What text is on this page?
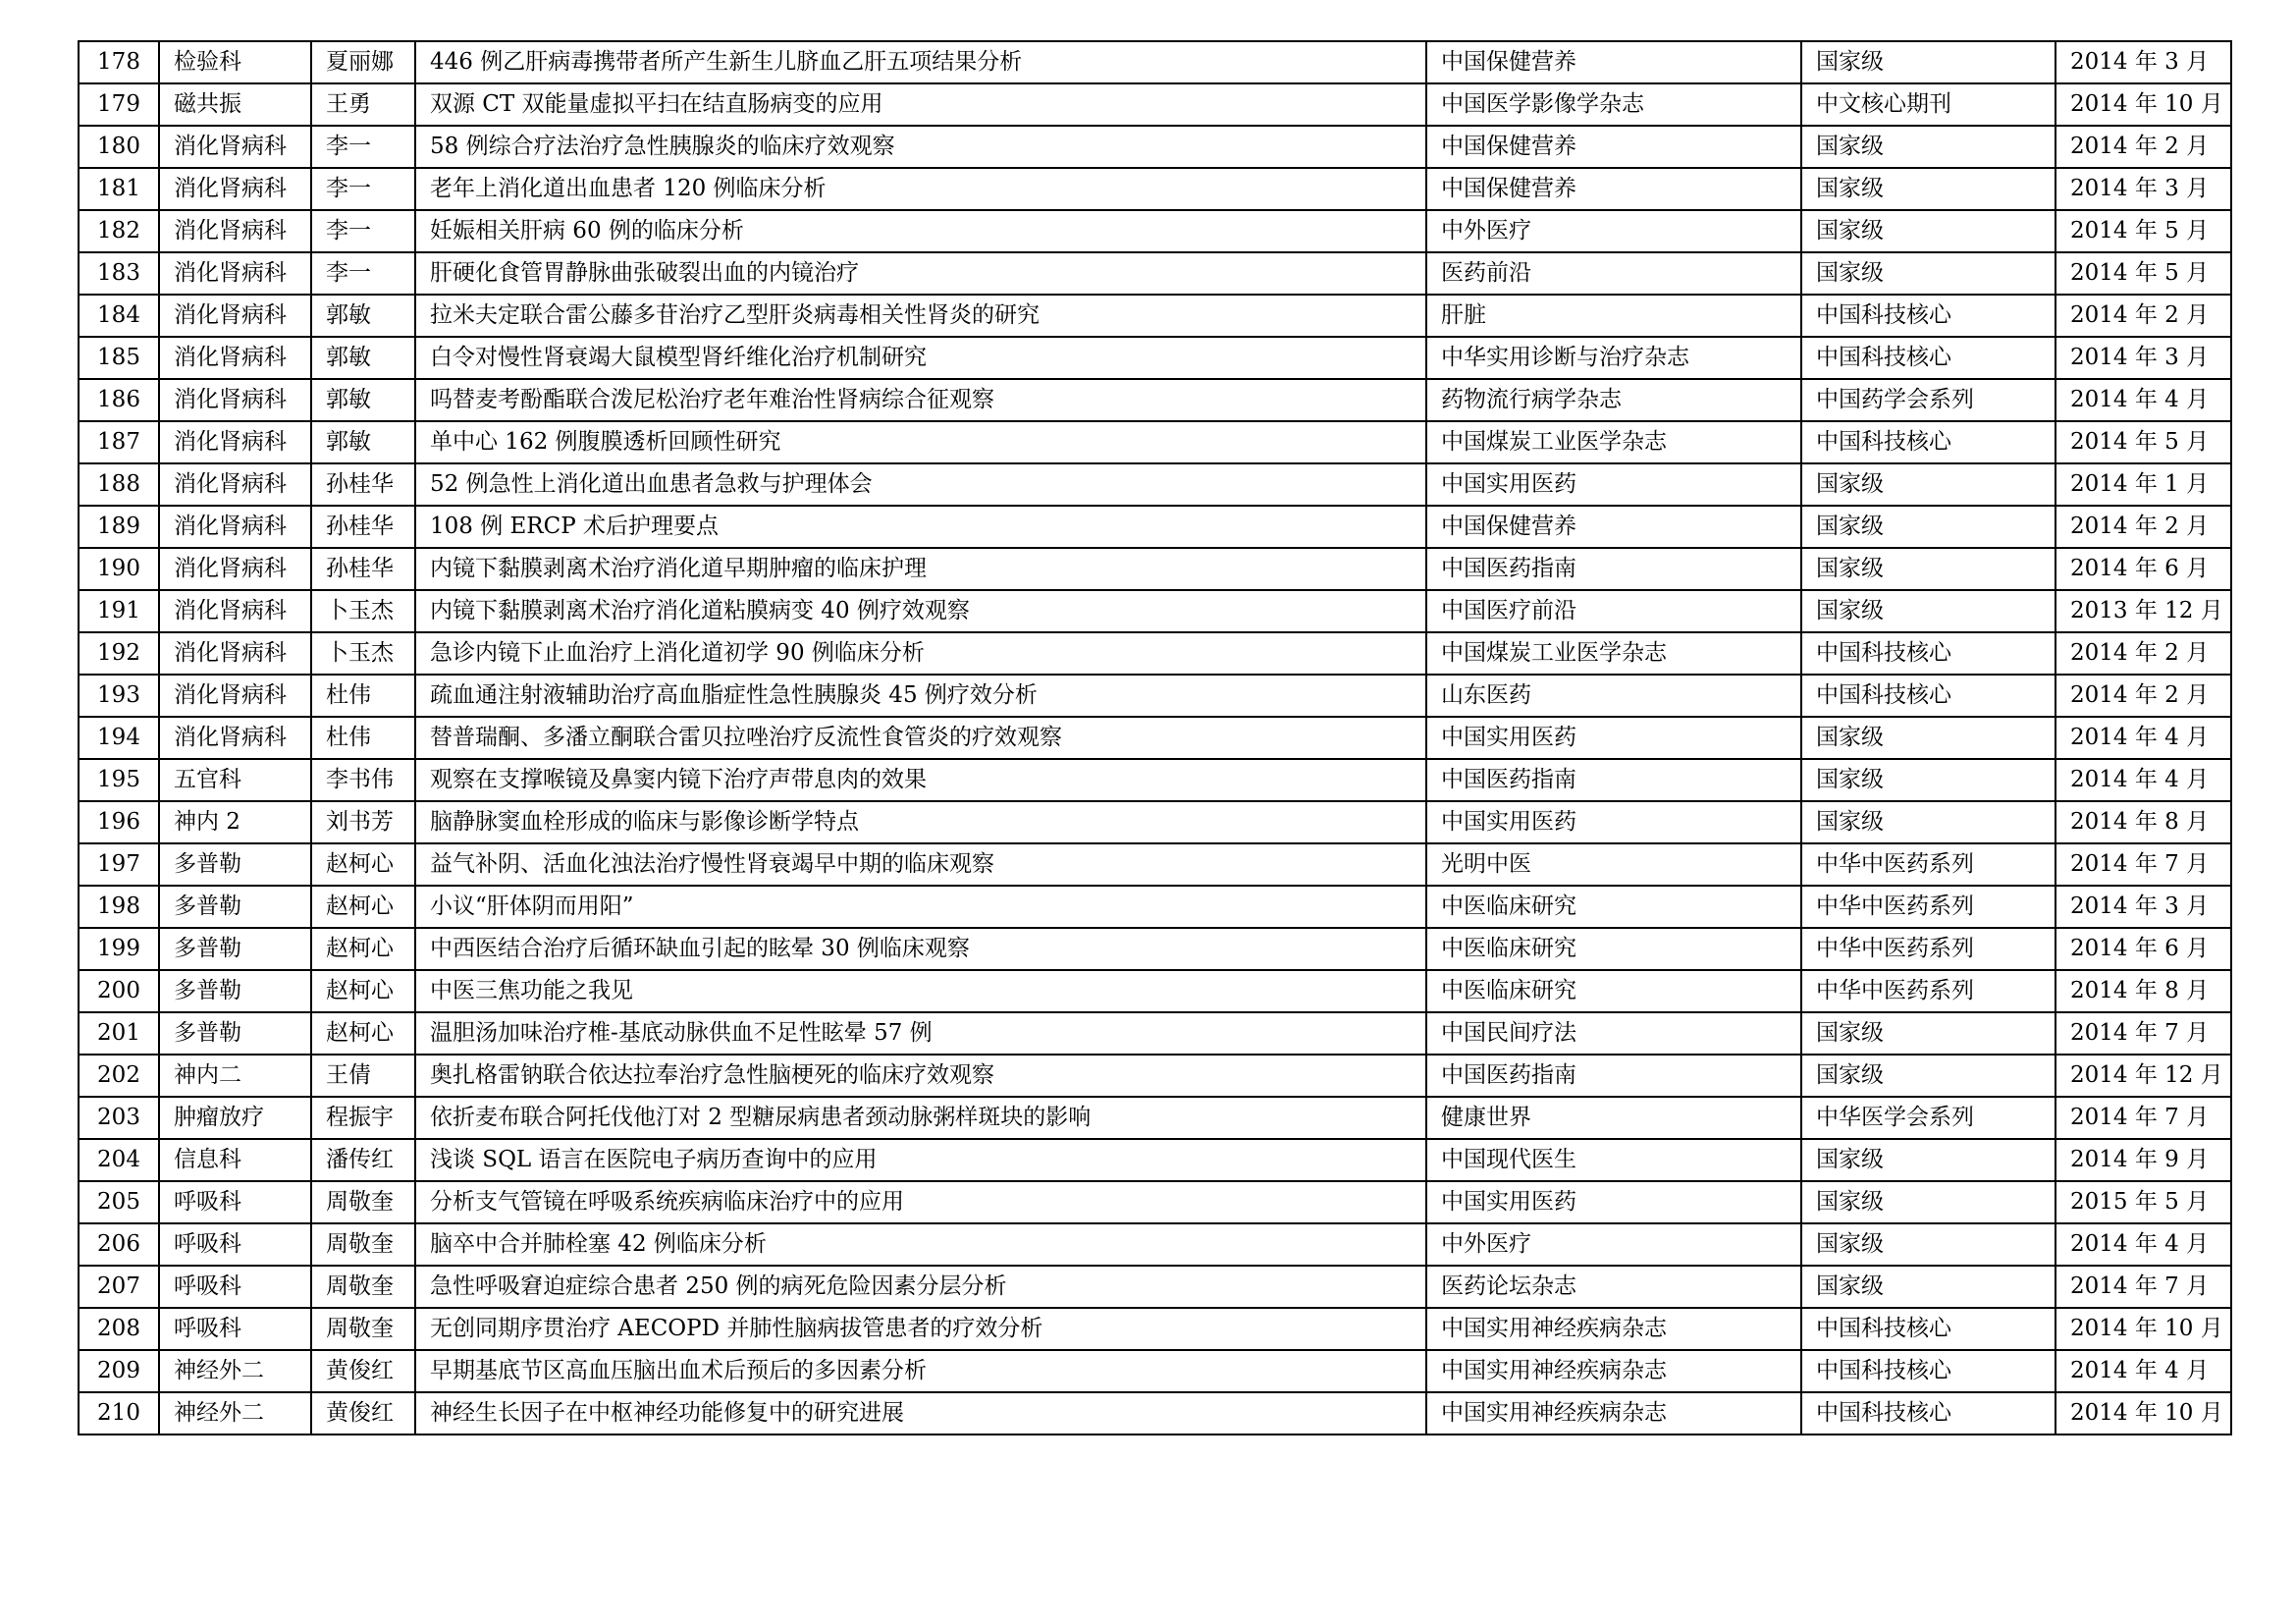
178	检验科	夏丽娜	446 例乙肝病毒携带者所产生新生儿脐血乙肝五项结果分析	中国保健营养	国家级	2014 年 3 月
179	磁共振	王勇	双源 CT 双能量虚拟平扫在结直肠病变的应用	中国医学影像学杂志	中文核心期刊	2014 年 10 月
180	消化肾病科	李一	58 例综合疗法治疗急性胰腺炎的临床疗效观察	中国保健营养	国家级	2014 年 2 月
181	消化肾病科	李一	老年上消化道出血患者 120 例临床分析	中国保健营养	国家级	2014 年 3 月
182	消化肾病科	李一	妊娠相关肝病 60 例的临床分析	中外医疗	国家级	2014 年 5 月
183	消化肾病科	李一	肝硬化食管胃静脉曲张破裂出血的内镜治疗	医药前沿	国家级	2014 年 5 月
184	消化肾病科	郭敏	拉米夫定联合雷公藤多苷治疗乙型肝炎病毒相关性肾炎的研究	肝脏	中国科技核心	2014 年 2 月
185	消化肾病科	郭敏	白令对慢性肾衰竭大鼠模型肾纤维化治疗机制研究	中华实用诊断与治疗杂志	中国科技核心	2014 年 3 月
186	消化肾病科	郭敏	吗替麦考酚酯联合泼尼松治疗老年难治性肾病综合征观察	药物流行病学杂志	中国药学会系列	2014 年 4 月
187	消化肾病科	郭敏	单中心 162 例腹膜透析回顾性研究	中国煤炭工业医学杂志	中国科技核心	2014 年 5 月
188	消化肾病科	孙桂华	52 例急性上消化道出血患者急救与护理体会	中国实用医药	国家级	2014 年 1 月
189	消化肾病科	孙桂华	108 例 ERCP 术后护理要点	中国保健营养	国家级	2014 年 2 月
190	消化肾病科	孙桂华	内镜下黏膜剥离术治疗消化道早期肿瘤的临床护理	中国医药指南	国家级	2014 年 6 月
191	消化肾病科	卜玉杰	内镜下黏膜剥离术治疗消化道粘膜病变 40 例疗效观察	中国医疗前沿	国家级	2013 年 12 月
192	消化肾病科	卜玉杰	急诊内镜下止血治疗上消化道初学 90 例临床分析	中国煤炭工业医学杂志	中国科技核心	2014 年 2 月
193	消化肾病科	杜伟	疏血通注射液辅助治疗高血脂症性急性胰腺炎 45 例疗效分析	山东医药	中国科技核心	2014 年 2 月
194	消化肾病科	杜伟	替普瑞酮、多潘立酮联合雷贝拉唑治疗反流性食管炎的疗效观察	中国实用医药	国家级	2014 年 4 月
195	五官科	李书伟	观察在支撑喉镜及鼻窦内镜下治疗声带息肉的效果	中国医药指南	国家级	2014 年 4 月
196	神内 2	刘书芳	脑静脉窦血栓形成的临床与影像诊断学特点	中国实用医药	国家级	2014 年 8 月
197	多普勒	赵柯心	益气补阴、活血化浊法治疗慢性肾衰竭早中期的临床观察	光明中医	中华中医药系列	2014 年 7 月
198	多普勒	赵柯心	小议“肝体阴而用阳”	中医临床研究	中华中医药系列	2014 年 3 月
199	多普勒	赵柯心	中西医结合治疗后循环缺血引起的眩晕 30 例临床观察	中医临床研究	中华中医药系列	2014 年 6 月
200	多普勒	赵柯心	中医三焦功能之我见	中医临床研究	中华中医药系列	2014 年 8 月
201	多普勒	赵柯心	温胆汤加味治疗椎-基底动脉供血不足性眩晕 57 例	中国民间疗法	国家级	2014 年 7 月
202	神内二	王倩	奥扎格雷钠联合依达拉奉治疗急性脑梗死的临床疗效观察	中国医药指南	国家级	2014 年 12 月
203	肿瘤放疗	程振宇	依折麦布联合阿托伐他汀对 2 型糖尿病患者颈动脉粥样斑块的影响	健康世界	中华医学会系列	2014 年 7 月
204	信息科	潘传红	浅谈 SQL 语言在医院电子病历查询中的应用	中国现代医生	国家级	2014 年 9 月
205	呼吸科	周敬奎	分析支气管镜在呼吸系统疾病临床治疗中的应用	中国实用医药	国家级	2015 年 5 月
206	呼吸科	周敬奎	脑卒中合并肺栓塞 42 例临床分析	中外医疗	国家级	2014 年 4 月
207	呼吸科	周敬奎	急性呼吸窘迫症综合患者 250 例的病死危险因素分层分析	医药论坛杂志	国家级	2014 年 7 月
208	呼吸科	周敬奎	无创同期序贯治疗 AECOPD 并肺性脑病拔管患者的疗效分析	中国实用神经疾病杂志	中国科技核心	2014 年 10 月
209	神经外二	黄俊红	早期基底节区高血压脑出血术后预后的多因素分析	中国实用神经疾病杂志	中国科技核心	2014 年 4 月
210	神经外二	黄俊红	神经生长因子在中枢神经功能修复中的研究进展	中国实用神经疾病杂志	中国科技核心	2014 年 10 月
